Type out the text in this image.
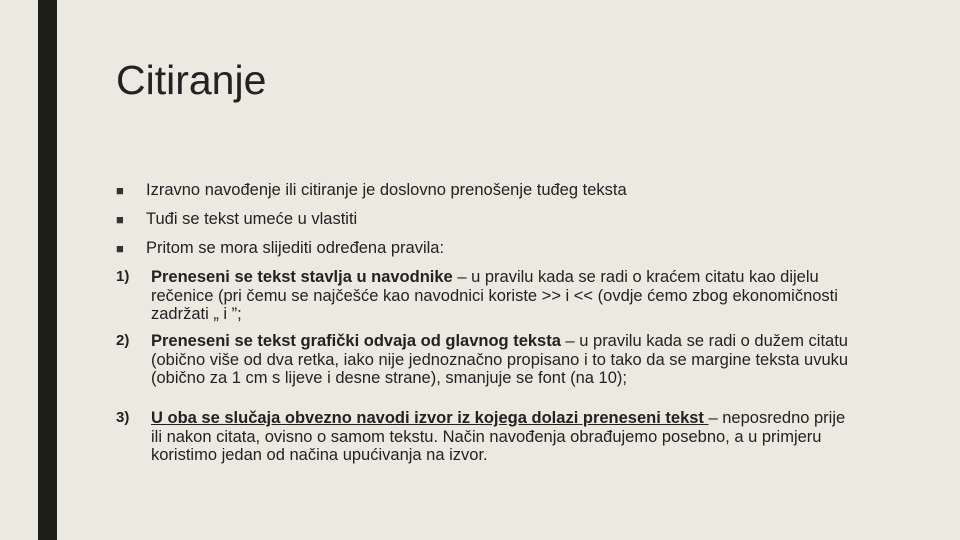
Citiranje
■	Izravno navođenje ili citiranje je doslovno prenošenje tuđeg teksta
■	Tuđi se tekst umeće u vlastiti
■	Pritom se mora slijediti određena pravila:
1) Preneseni se tekst stavlja u navodnike – u pravilu kada se radi o kraćem citatu kao dijelu rečenice (pri čemu se najčešće kao navodnici koriste >> i << (ovdje ćemo zbog ekonomičnosti zadržati „ i ”;
2) Preneseni se tekst grafički odvaja od glavnog teksta – u pravilu kada se radi o dužem citatu (obično više od dva retka, iako nije jednoznačno propisano i to tako da se margine teksta uvuku (obično za 1 cm s lijeve i desne strane), smanjuje se font (na 10);
3) U oba se slučaja obvezno navodi izvor iz kojega dolazi preneseni tekst – neposredno prije ili nakon citata, ovisno o samom tekstu. Način navođenja obrađujemo posebno, a u primjeru koristimo jedan od načina upućivanja na izvor.
